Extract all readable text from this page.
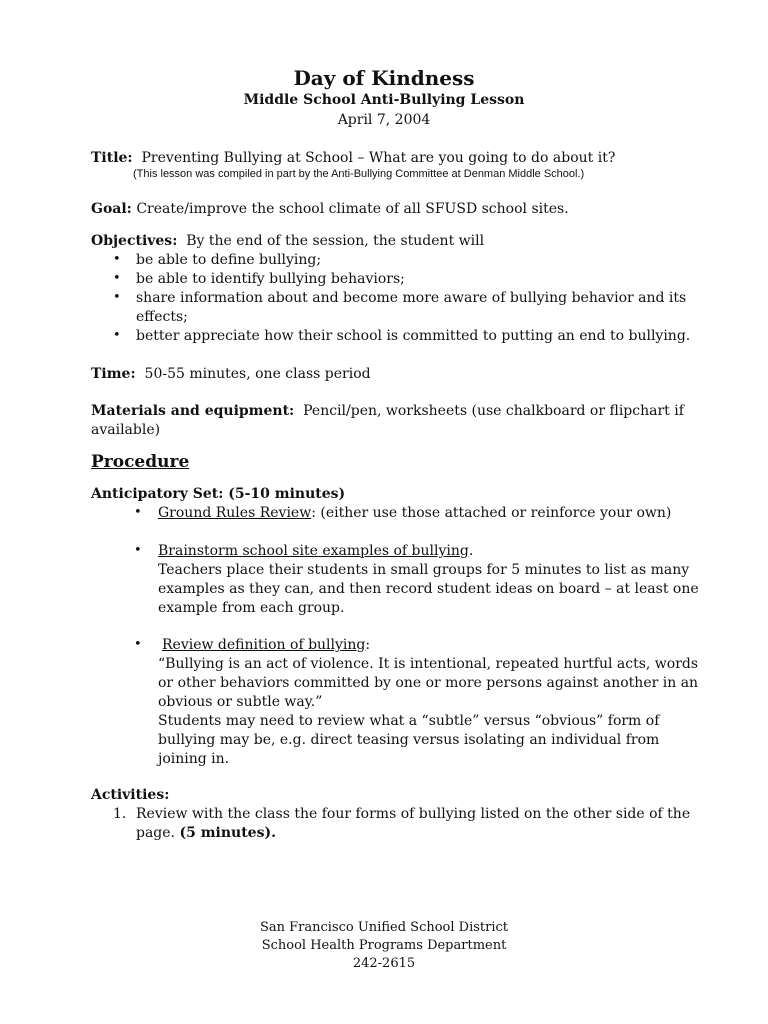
Day of Kindness
Middle School Anti-Bullying Lesson
April 7, 2004
Title: Preventing Bullying at School – What are you going to do about it?
(This lesson was compiled in part by the Anti-Bullying Committee at Denman Middle School.)
Goal: Create/improve the school climate of all SFUSD school sites.
Objectives: By the end of the session, the student will
• be able to define bullying;
• be able to identify bullying behaviors;
• share information about and become more aware of bullying behavior and its
effects;
• better appreciate how their school is committed to putting an end to bullying.
Time: 50-55 minutes, one class period
Materials and equipment: Pencil/pen, worksheets (use chalkboard or flipchart if
available)
Procedure
Anticipatory Set: (5-10 minutes)
• Ground Rules Review: (either use those attached or reinforce your own)
• Brainstorm school site examples of bullying.
Teachers place their students in small groups for 5 minutes to list as many
examples as they can, and then record student ideas on board – at least one
example from each group.
• Review definition of bullying:
“Bullying is an act of violence. It is intentional, repeated hurtful acts, words
or other behaviors committed by one or more persons against another in an
obvious or subtle way.”
Students may need to review what a “subtle” versus “obvious” form of
bullying may be, e.g. direct teasing versus isolating an individual from
joining in.
Activities:
1. Review with the class the four forms of bullying listed on the other side of the
page. (5 minutes).
San Francisco Unified School District
School Health Programs Department
242-2615
